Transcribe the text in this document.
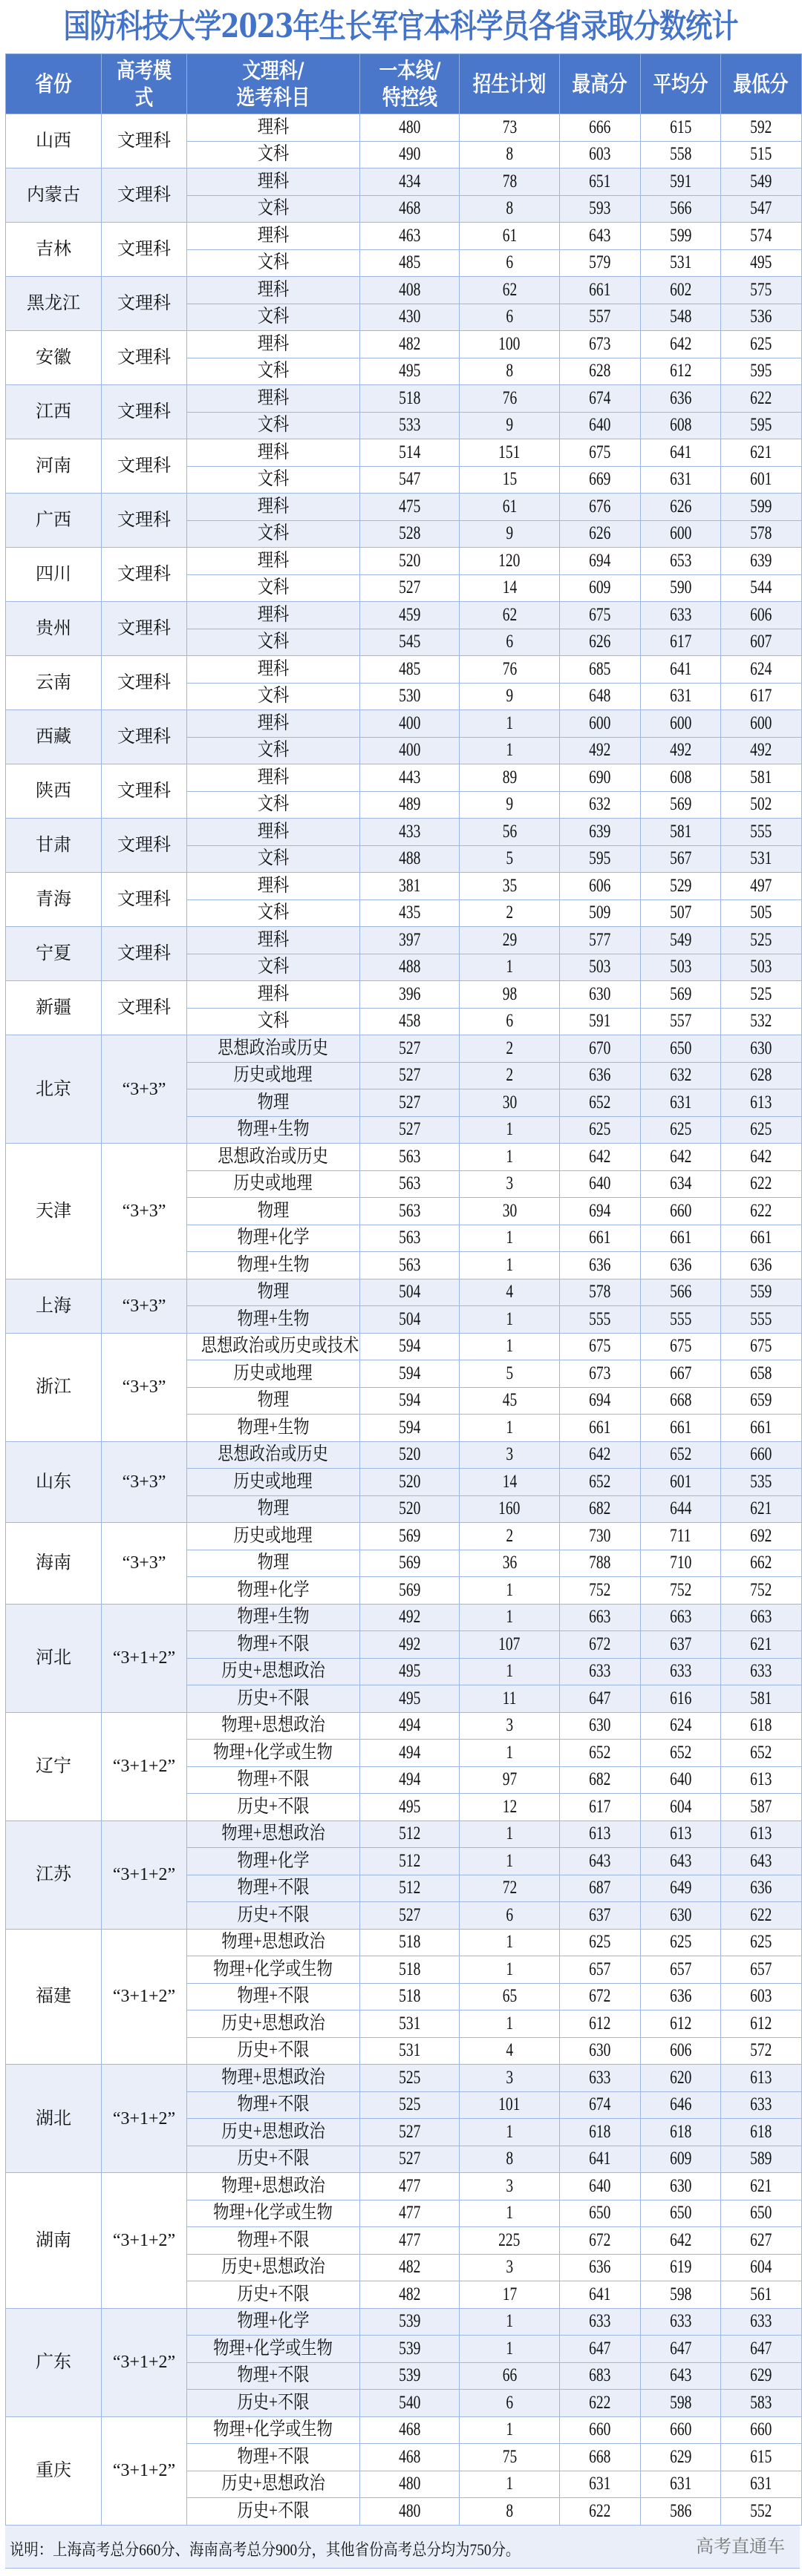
国防科技大学2023年生长军官本科学员各省录取分数统计
省份	高考模式	文理科/选考科目	一本线/特控线	招生计划	最高分	平均分	最低分
山西	文理科	理科	480	73	666	615	592
		文科	490	8	603	558	515
内蒙古	文理科	理科	434	78	651	591	549
		文科	468	8	593	566	547
吉林	文理科	理科	463	61	643	599	574
		文科	485	6	579	531	495
黑龙江	文理科	理科	408	62	661	602	575
		文科	430	6	557	548	536
安徽	文理科	理科	482	100	673	642	625
		文科	495	8	628	612	595
江西	文理科	理科	518	76	674	636	622
		文科	533	9	640	608	595
河南	文理科	理科	514	151	675	641	621
		文科	547	15	669	631	601
广西	文理科	理科	475	61	676	626	599
		文科	528	9	626	600	578
四川	文理科	理科	520	120	694	653	639
		文科	527	14	609	590	544
贵州	文理科	理科	459	62	675	633	606
		文科	545	6	626	617	607
云南	文理科	理科	485	76	685	641	624
		文科	530	9	648	631	617
西藏	文理科	理科	400	1	600	600	600
		文科	400	1	492	492	492
陕西	文理科	理科	443	89	690	608	581
		文科	489	9	632	569	502
甘肃	文理科	理科	433	56	639	581	555
		文科	488	5	595	567	531
青海	文理科	理科	381	35	606	529	497
		文科	435	2	509	507	505
宁夏	文理科	理科	397	29	577	549	525
		文科	488	1	503	503	503
新疆	文理科	理科	396	98	630	569	525
		文科	458	6	591	557	532
北京	“3+3”	思想政治或历史	527	2	670	650	630
		历史或地理	527	2	636	632	628
		物理	527	30	652	631	613
		物理+生物	527	1	625	625	625
天津	“3+3”	思想政治或历史	563	1	642	642	642
		历史或地理	563	3	640	634	622
		物理	563	30	694	660	622
		物理+化学	563	1	661	661	661
		物理+生物	563	1	636	636	636
上海	“3+3”	物理	504	4	578	566	559
		物理+生物	504	1	555	555	555
浙江	“3+3”	思想政治或历史或技术	594	1	675	675	675
		历史或地理	594	5	673	667	658
		物理	594	45	694	668	659
		物理+生物	594	1	661	661	661
山东	“3+3”	思想政治或历史	520	3	642	652	660
		历史或地理	520	14	652	601	535
		物理	520	160	682	644	621
海南	“3+3”	历史或地理	569	2	730	711	692
		物理	569	36	788	710	662
		物理+化学	569	1	752	752	752
河北	“3+1+2”	物理+生物	492	1	663	663	663
		物理+不限	492	107	672	637	621
		历史+思想政治	495	1	633	633	633
		历史+不限	495	11	647	616	581
辽宁	“3+1+2”	物理+思想政治	494	3	630	624	618
		物理+化学或生物	494	1	652	652	652
		物理+不限	494	97	682	640	613
		历史+不限	495	12	617	604	587
江苏	“3+1+2”	物理+思想政治	512	1	613	613	613
		物理+化学	512	1	643	643	643
		物理+不限	512	72	687	649	636
		历史+不限	527	6	637	630	622
福建	“3+1+2”	物理+思想政治	518	1	625	625	625
		物理+化学或生物	518	1	657	657	657
		物理+不限	518	65	672	636	603
		历史+思想政治	531	1	612	612	612
		历史+不限	531	4	630	606	572
湖北	“3+1+2”	物理+思想政治	525	3	633	620	613
		物理+不限	525	101	674	646	633
		历史+思想政治	527	1	618	618	618
		历史+不限	527	8	641	609	589
湖南	“3+1+2”	物理+思想政治	477	3	640	630	621
		物理+化学或生物	477	1	650	650	650
		物理+不限	477	225	672	642	627
		历史+思想政治	482	3	636	619	604
		历史+不限	482	17	641	598	561
广东	“3+1+2”	物理+化学	539	1	633	633	633
		物理+化学或生物	539	1	647	647	647
		物理+不限	539	66	683	643	629
		历史+不限	540	6	622	598	583
重庆	“3+1+2”	物理+化学或生物	468	1	660	660	660
		物理+不限	468	75	668	629	615
		历史+思想政治	480	1	631	631	631
		历史+不限	480	8	622	586	552
说明：上海高考总分660分、海南高考总分900分，其他省份高考总分均为750分。	高考直通车
